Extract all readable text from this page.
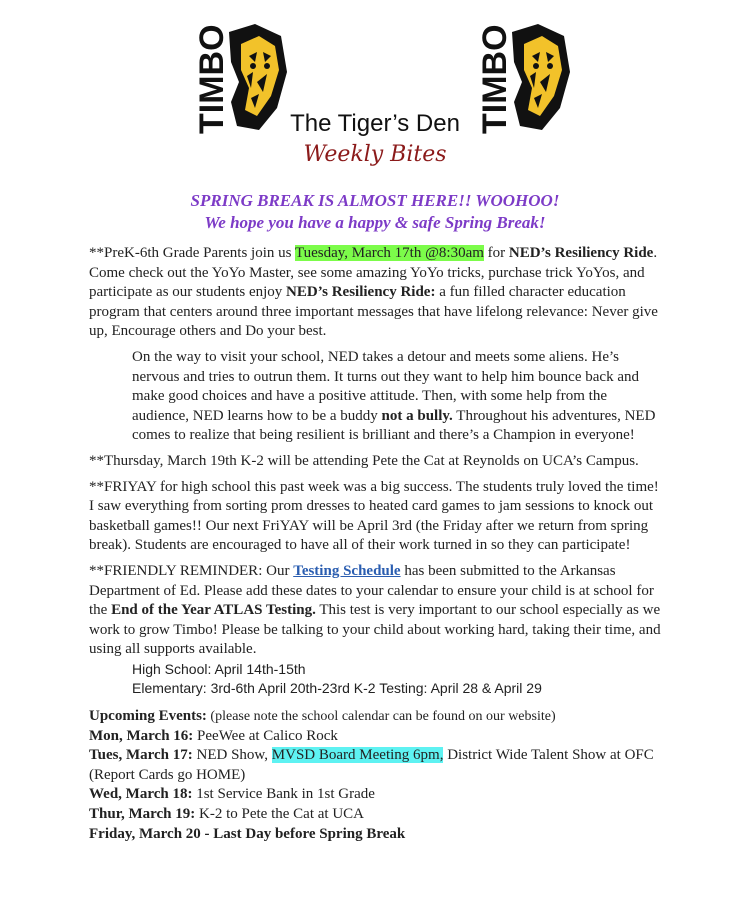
TIMBO	TIMBO
The Tiger’s Den
Weekly Bites
SPRING BREAK IS ALMOST HERE!! WOOHOO!
We hope you have a happy & safe Spring Break!

**PreK-6th Grade Parents join us Tuesday, March 17th @8:30am for NED’s Resiliency Ride. Come check out the YoYo Master, see some amazing YoYo tricks, purchase trick YoYos, and participate as our students enjoy NED’s Resiliency Ride: a fun filled character education program that centers around three important messages that have lifelong relevance: Never give up, Encourage others and Do your best.

On the way to visit your school, NED takes a detour and meets some aliens. He’s nervous and tries to outrun them. It turns out they want to help him bounce back and make good choices and have a positive attitude. Then, with some help from the audience, NED learns how to be a buddy not a bully. Throughout his adventures, NED comes to realize that being resilient is brilliant and there’s a Champion in everyone!

**Thursday, March 19th K-2 will be attending Pete the Cat at Reynolds on UCA’s Campus.

**FRIYAY for high school this past week was a big success. The students truly loved the time! I saw everything from sorting prom dresses to heated card games to jam sessions to knock out basketball games!! Our next FriYAY will be April 3rd (the Friday after we return from spring break). Students are encouraged to have all of their work turned in so they can participate!

**FRIENDLY REMINDER: Our Testing Schedule has been submitted to the Arkansas Department of Ed. Please add these dates to your calendar to ensure your child is at school for the End of the Year ATLAS Testing. This test is very important to our school especially as we work to grow Timbo! Please be talking to your child about working hard, taking their time, and using all supports available.

High School: April 14th-15th
Elementary: 3rd-6th April 20th-23rd K-2 Testing: April 28 & April 29
Upcoming Events: (please note the school calendar can be found on our website)
Mon, March 16: PeeWee at Calico Rock
Tues, March 17: NED Show, MVSD Board Meeting 6pm, District Wide Talent Show at OFC (Report Cards go HOME)
Wed, March 18: 1st Service Bank in 1st Grade
Thur, March 19: K-2 to Pete the Cat at UCA
Friday, March 20 - Last Day before Spring Break
